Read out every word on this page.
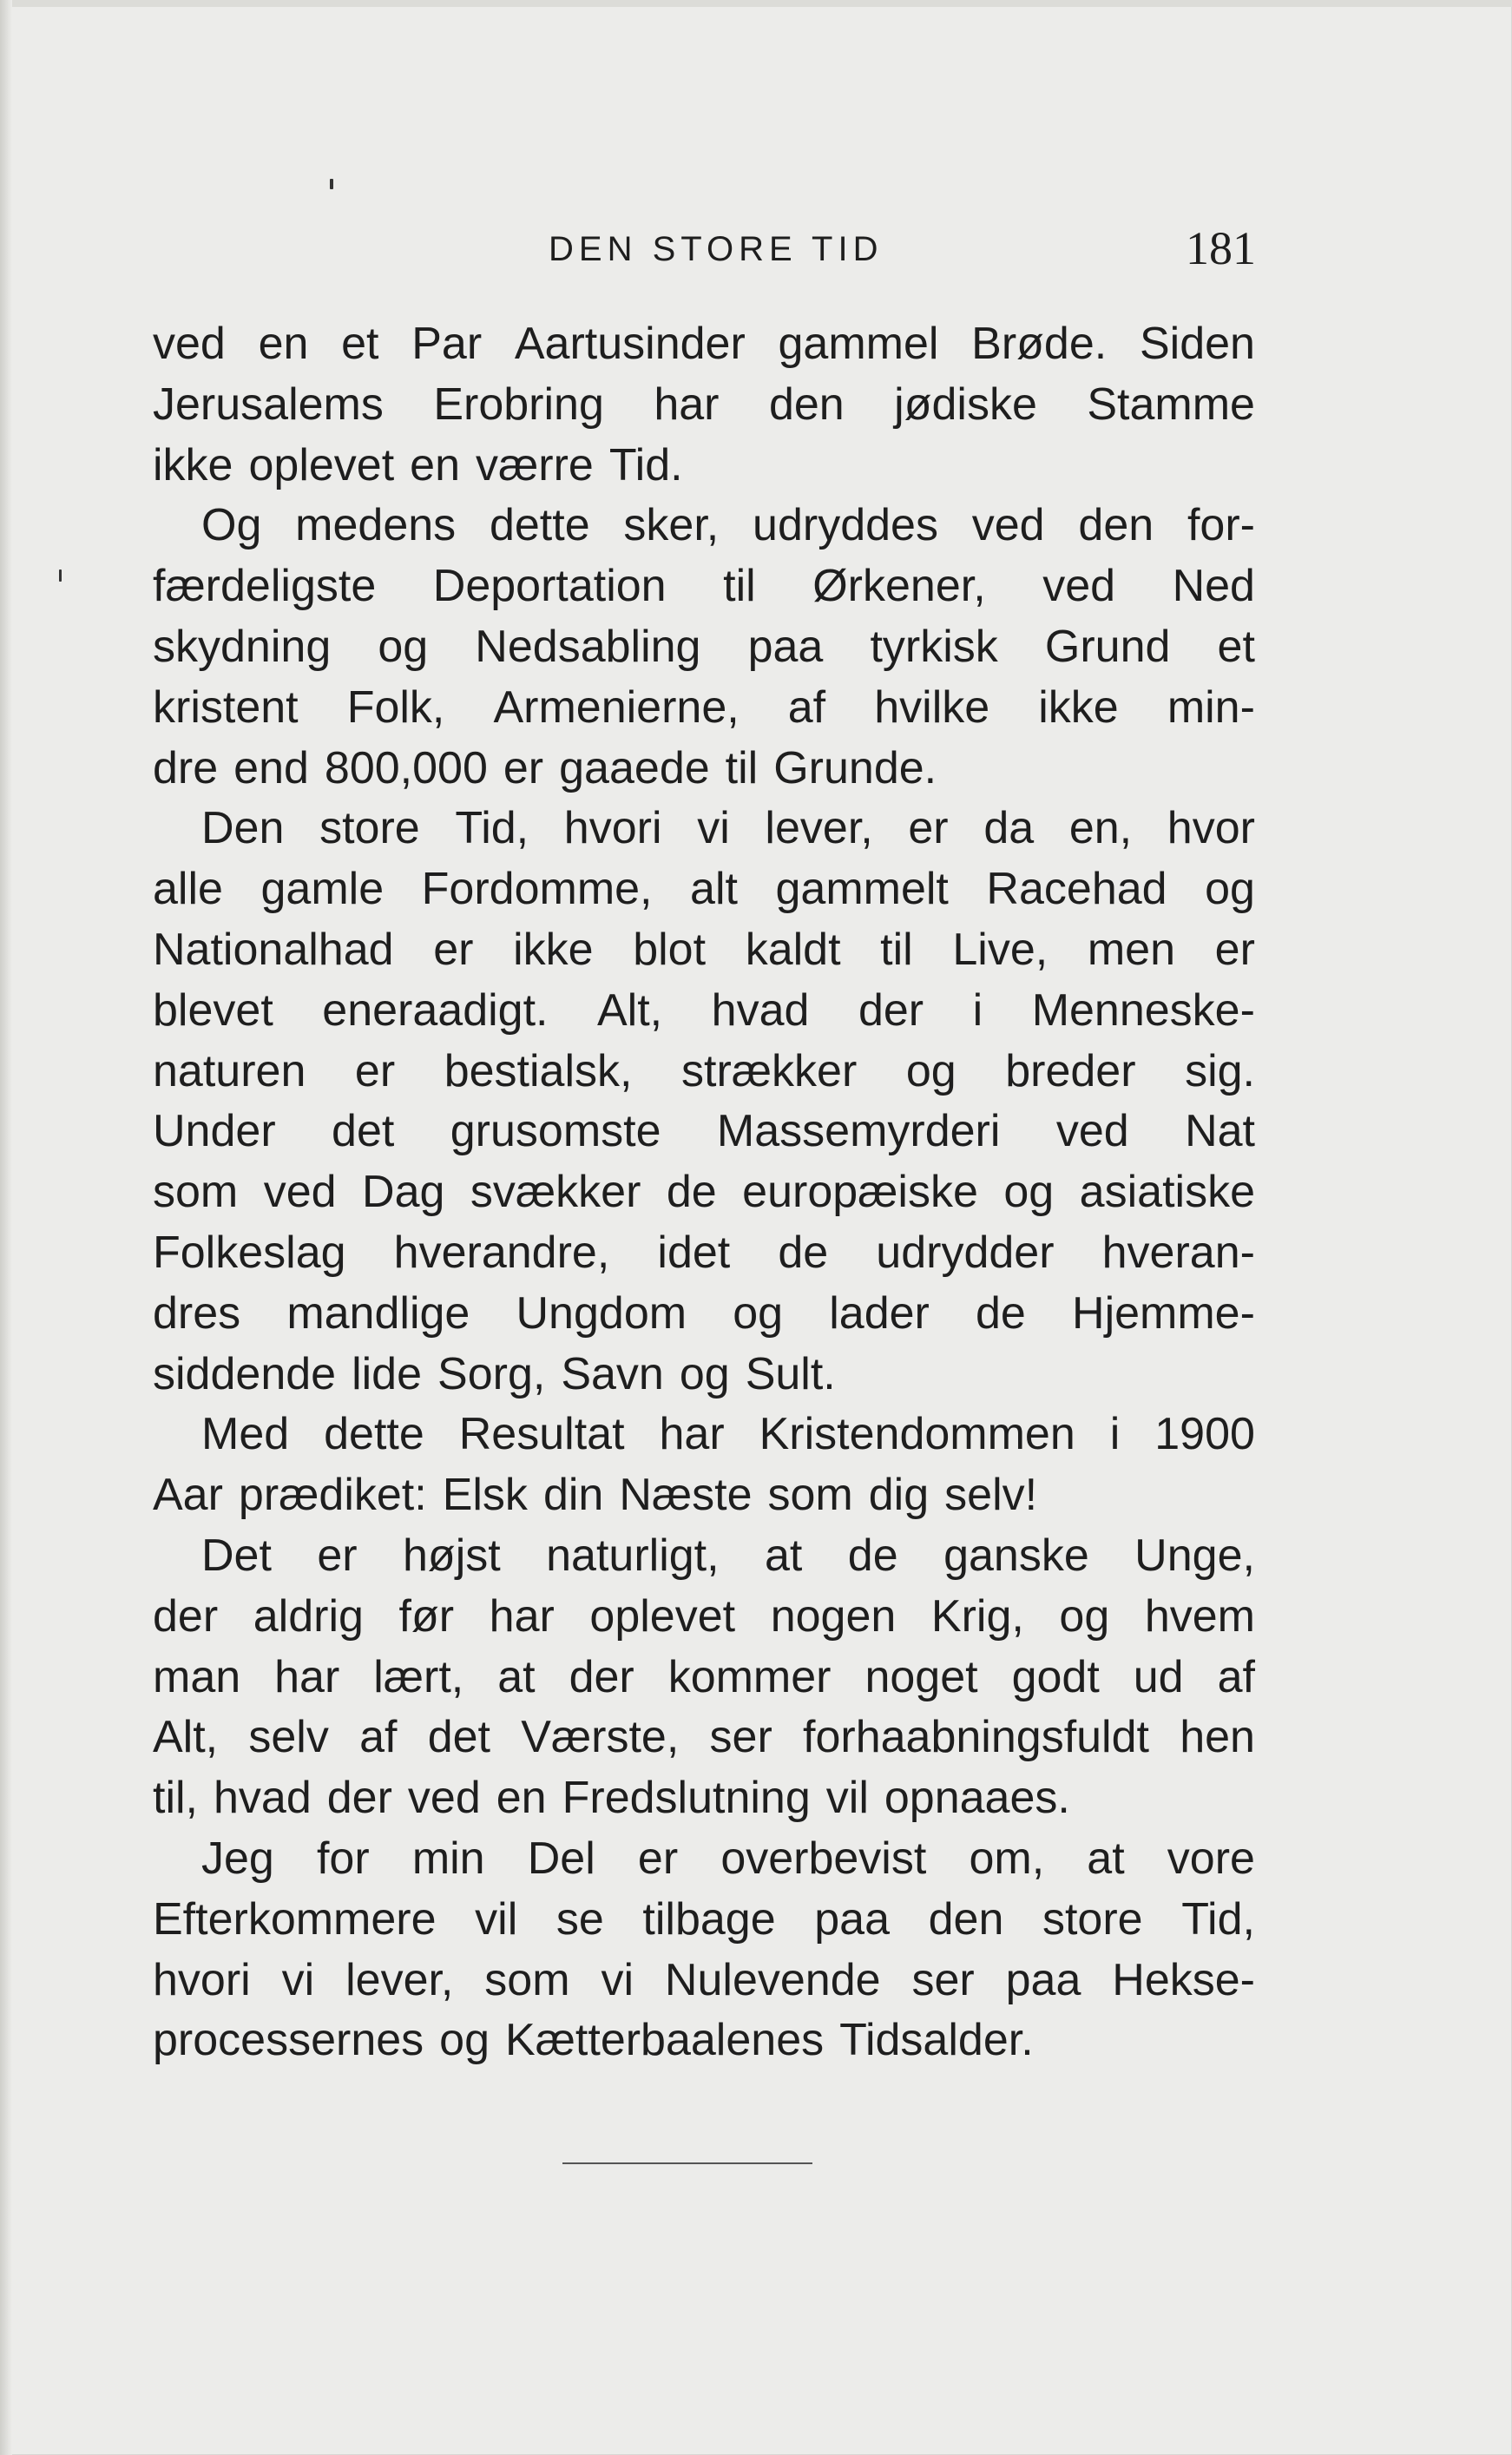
DEN STORE TID	181
ved en et Par Aartusinder gammel Brøde. Siden
Jerusalems Erobring har den jødiske Stamme
ikke oplevet en værre Tid.
Og medens dette sker, udryddes ved den for-
færdeligste Deportation til Ørkener, ved Ned
skydning og Nedsabling paa tyrkisk Grund et
kristent Folk, Armenierne, af hvilke ikke min-
dre end 800,000 er gaaede til Grunde.
Den store Tid, hvori vi lever, er da en, hvor
alle gamle Fordomme, alt gammelt Racehad og
Nationalhad er ikke blot kaldt til Live, men er
blevet eneraadigt. Alt, hvad der i Menneske-
naturen er bestialsk, strækker og breder sig.
Under det grusomste Massemyrderi ved Nat
som ved Dag svækker de europæiske og asiatiske
Folkeslag hverandre, idet de udrydder hveran-
dres mandlige Ungdom og lader de Hjemme-
siddende lide Sorg, Savn og Sult.
Med dette Resultat har Kristendommen i 1900
Aar prædiket: Elsk din Næste som dig selv!
Det er højst naturligt, at de ganske Unge,
der aldrig før har oplevet nogen Krig, og hvem
man har lært, at der kommer noget godt ud af
Alt, selv af det Værste, ser forhaabningsfuldt hen
til, hvad der ved en Fredslutning vil opnaaes.
Jeg for min Del er overbevist om, at vore
Efterkommere vil se tilbage paa den store Tid,
hvori vi lever, som vi Nulevende ser paa Hekse-
processernes og Kætterbaalenes Tidsalder.
